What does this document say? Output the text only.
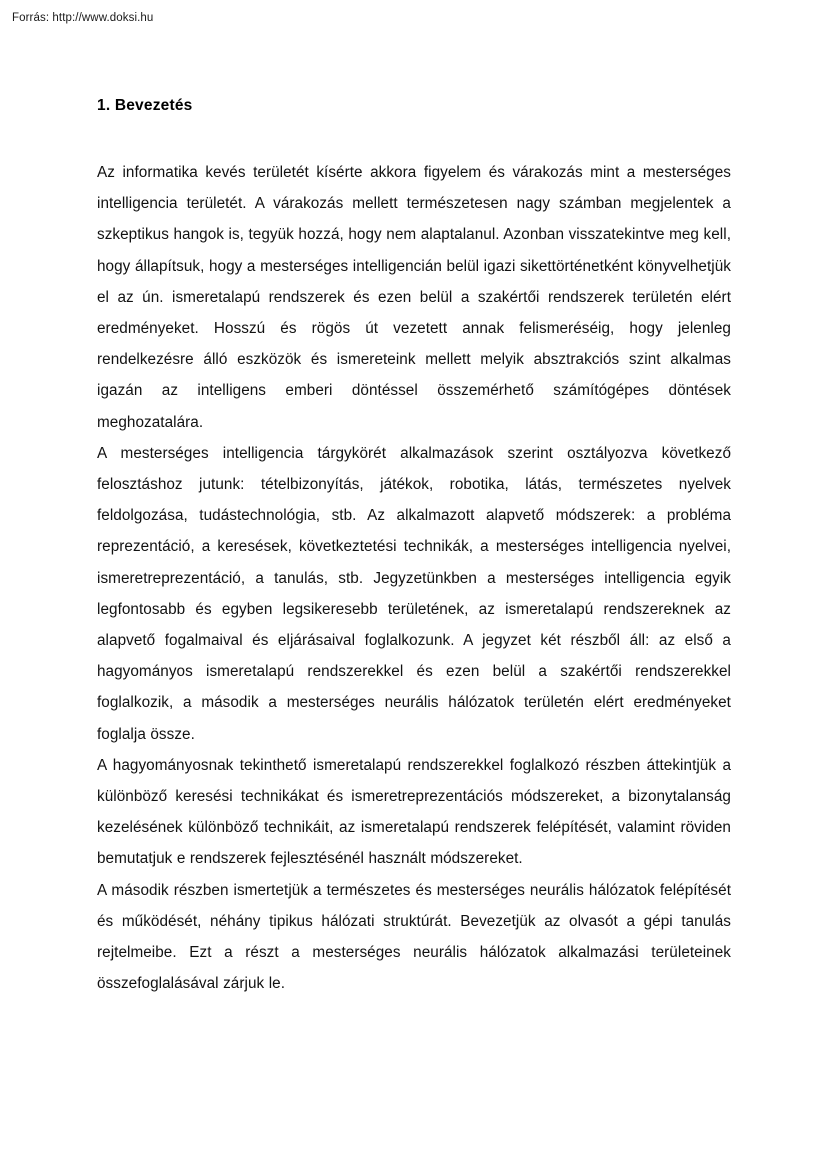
Forrás: http://www.doksi.hu
1. Bevezetés

Az informatika kevés területét kísérte akkora figyelem és várakozás mint a mesterséges intelligencia területét. A várakozás mellett természetesen nagy számban megjelentek a szkeptikus hangok is, tegyük hozzá, hogy nem alaptalanul. Azonban visszatekintve meg kell, hogy állapítsuk, hogy a mesterséges intelligencián belül igazi sikettörténetként könyvelhetjük el az ún. ismeretalapú rendszerek és ezen belül a szakértői rendszerek területén elért eredményeket. Hosszú és rögös út vezetett annak felismeréséig, hogy jelenleg rendelkezésre álló eszközök és ismereteink mellett melyik absztrakciós szint alkalmas igazán az intelligens emberi döntéssel összemérhető számítógépes döntések meghozatalára.

A mesterséges intelligencia tárgykörét alkalmazások szerint osztályozva következő felosztáshoz jutunk: tételbizonyítás, játékok, robotika, látás, természetes nyelvek feldolgozása, tudástechnológia, stb. Az alkalmazott alapvető módszerek: a probléma reprezentáció, a keresések, következtetési technikák, a mesterséges intelligencia nyelvei, ismeretreprezentáció, a tanulás, stb. Jegyzetünkben a mesterséges intelligencia egyik legfontosabb és egyben legsikeresebb területének, az ismeretalapú rendszereknek az alapvető fogalmaival és eljárásaival foglalkozunk. A jegyzet két részből áll: az első a hagyományos ismeretalapú rendszerekkel és ezen belül a szakértői rendszerekkel foglalkozik, a második a mesterséges neurális hálózatok területén elért eredményeket foglalja össze.

A hagyományosnak tekinthető ismeretalapú rendszerekkel foglalkozó részben áttekintjük a különböző keresési technikákat és ismeretreprezentációs módszereket, a bizonytalanság kezelésének különböző technikáit, az ismeretalapú rendszerek felépítését, valamint röviden bemutatjuk e rendszerek fejlesztésénél használt módszereket.

A második részben ismertetjük a természetes és mesterséges neurális hálózatok felépítését és működését, néhány tipikus hálózati struktúrát. Bevezetjük az olvasót a gépi tanulás rejtelmeibe. Ezt a részt a mesterséges neurális hálózatok alkalmazási területeinek összefoglalásával zárjuk le.
